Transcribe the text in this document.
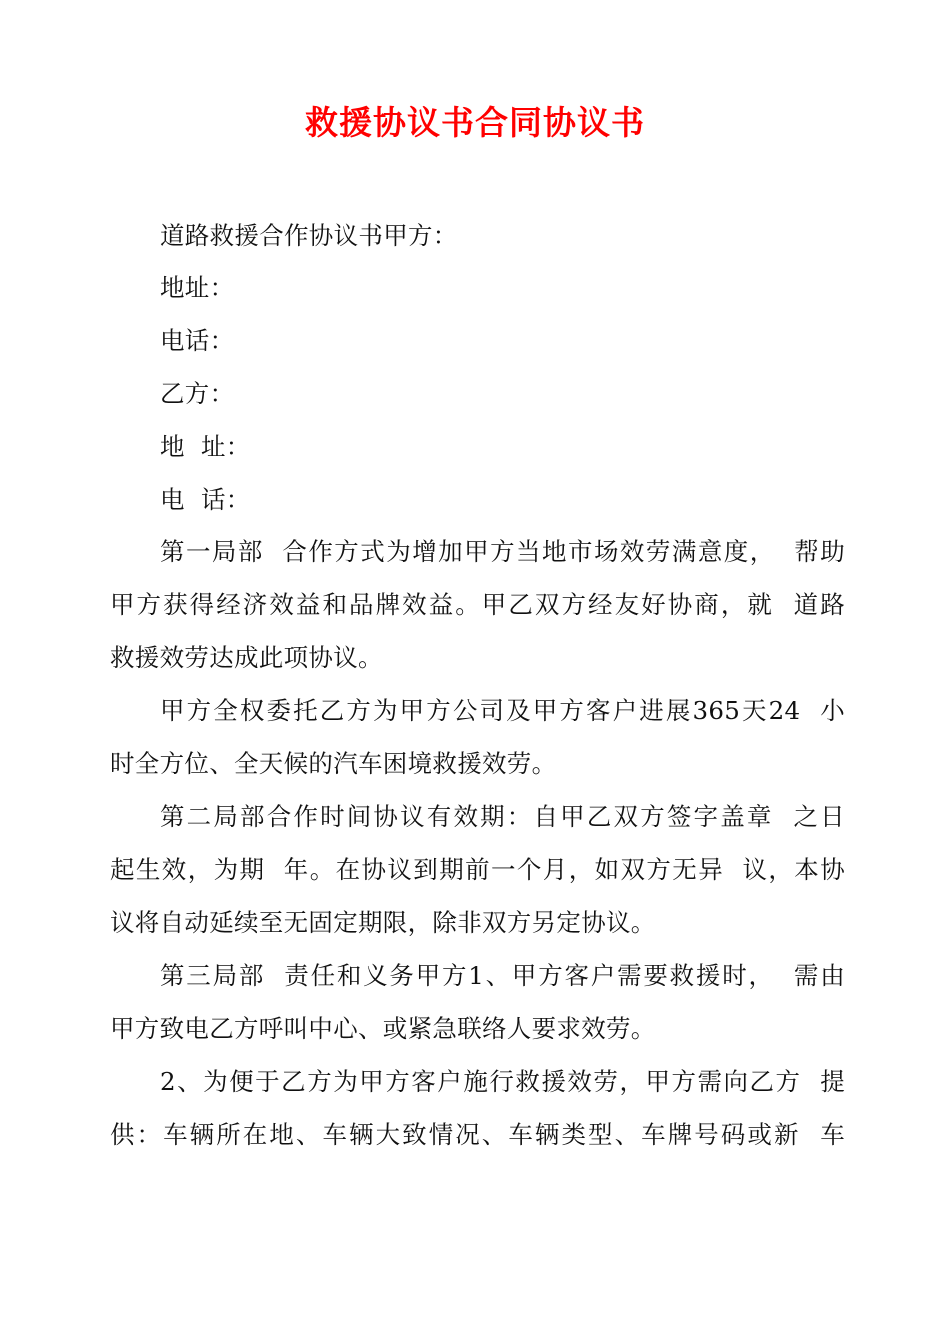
救援协议书合同协议书
道路救援合作协议书甲方：
地址：
电话：
乙方：
地  址：
电  话：
第一局部  合作方式为增加甲方当地市场效劳满意度，  帮助
甲方获得经济效益和品牌效益。甲乙双方经友好协商，就  道路
救援效劳达成此项协议。
甲方全权委托乙方为甲方公司及甲方客户进展365天24  小
时全方位、全天候的汽车困境救援效劳。
第二局部合作时间协议有效期：自甲乙双方签字盖章  之日
起生效，为期  年。在协议到期前一个月，如双方无异  议，本协
议将自动延续至无固定期限，除非双方另定协议。
第三局部  责任和义务甲方1、甲方客户需要救援时，  需由
甲方致电乙方呼叫中心、或紧急联络人要求效劳。
2、为便于乙方为甲方客户施行救援效劳，甲方需向乙方  提
供：车辆所在地、车辆大致情况、车辆类型、车牌号码或新  车
